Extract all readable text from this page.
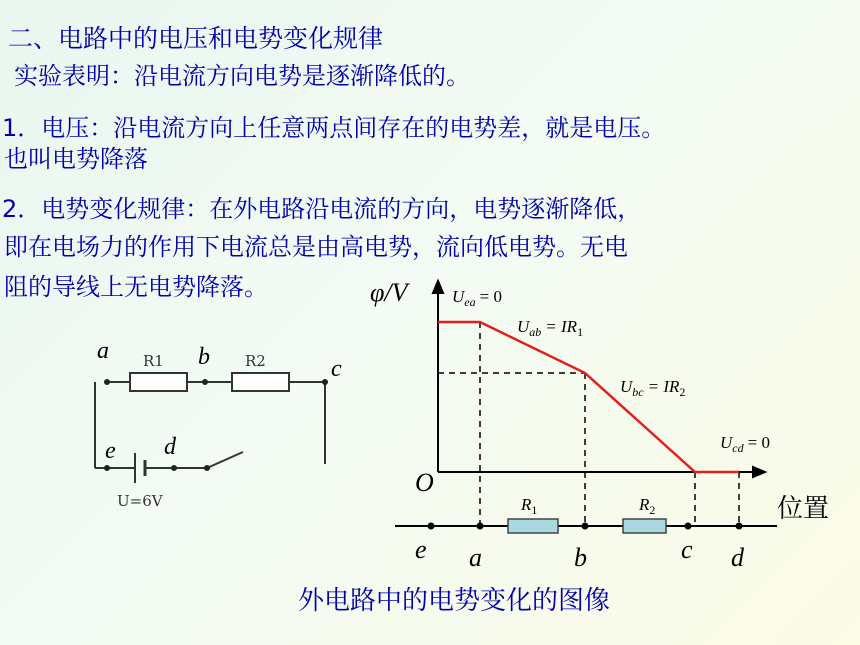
二、电路中的电压和电势变化规律
实验表明：沿电流方向电势是逐渐降低的。
1．电压：沿电流方向上任意两点间存在的电势差，就是电压。
也叫电势降落
2．电势变化规律：在外电路沿电流的方向，电势逐渐降低，
即在电场力的作用下电流总是由高电势，流向低电势。无电
阻的导线上无电势降落。
R1	R2
U=6V
a	b	c
e d
φ/V
O
位置
$U_{ea} = 0$
$U_{ab} = IR_1$
$U_{bc} = IR_2$
$U_{cd} = 0$
$R_1$	$R_2$
e a	b	c d
外电路中的电势变化的图像
